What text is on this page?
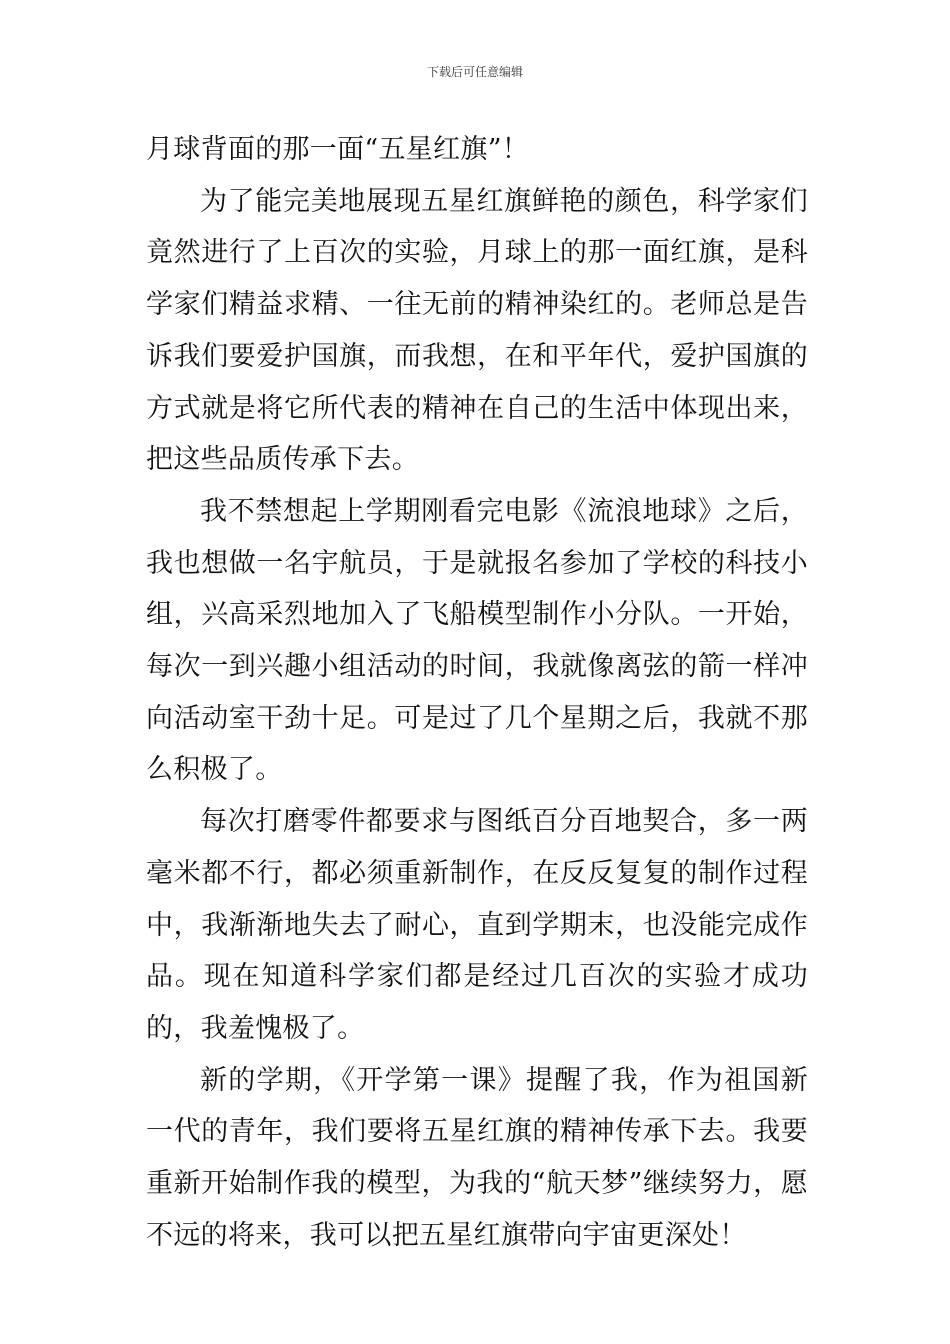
下载后可任意编辑

月球背面的那一面“五星红旗”！

为了能完美地展现五星红旗鲜艳的颜色，科学家们竟然进行了上百次的实验，月球上的那一面红旗，是科学家们精益求精、一往无前的精神染红的。老师总是告诉我们要爱护国旗，而我想，在和平年代，爱护国旗的方式就是将它所代表的精神在自己的生活中体现出来，把这些品质传承下去。

我不禁想起上学期刚看完电影《流浪地球》之后，我也想做一名宇航员，于是就报名参加了学校的科技小组，兴高采烈地加入了飞船模型制作小分队。一开始，每次一到兴趣小组活动的时间，我就像离弦的箭一样冲向活动室干劲十足。可是过了几个星期之后，我就不那么积极了。

每次打磨零件都要求与图纸百分百地契合，多一两毫米都不行，都必须重新制作，在反反复复的制作过程中，我渐渐地失去了耐心，直到学期末，也没能完成作品。现在知道科学家们都是经过几百次的实验才成功的，我羞愧极了。

新的学期，《开学第一课》提醒了我，作为祖国新一代的青年，我们要将五星红旗的精神传承下去。我要重新开始制作我的模型，为我的“航天梦”继续努力，愿不远的将来，我可以把五星红旗带向宇宙更深处！
